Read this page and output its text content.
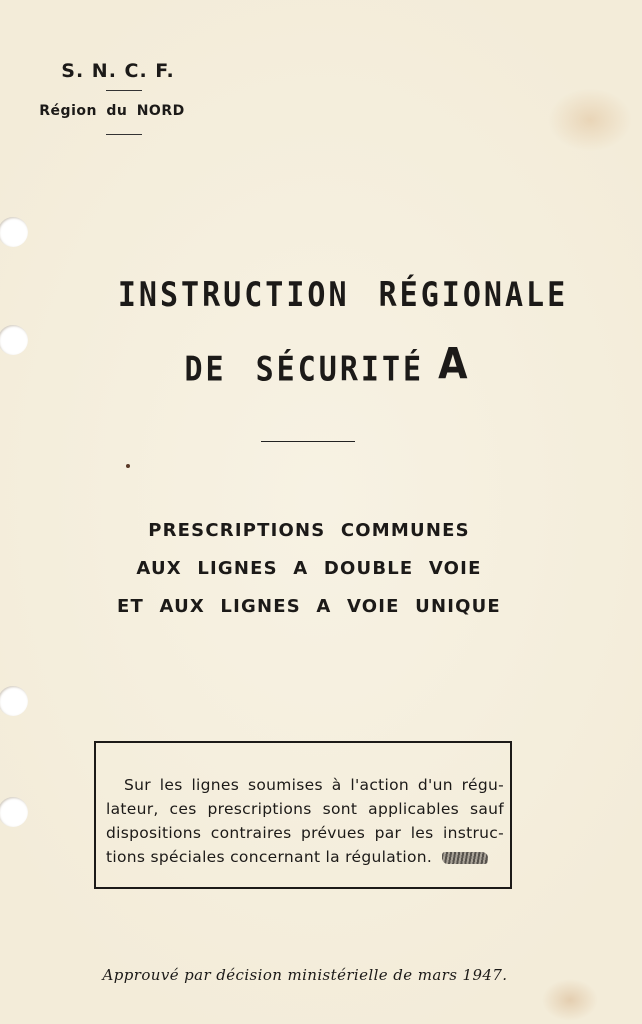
S. N. C. F.
Région du NORD
INSTRUCTION RÉGIONALE
DE SÉCURITÉ A
PRESCRIPTIONS COMMUNES
AUX LIGNES A DOUBLE VOIE
ET AUX LIGNES A VOIE UNIQUE
Sur les lignes soumises à l'action d'un régu-
lateur, ces prescriptions sont applicables sauf
dispositions contraires prévues par les instruc-
tions spéciales concernant la régulation.
Approuvé par décision ministérielle de mars 1947.
